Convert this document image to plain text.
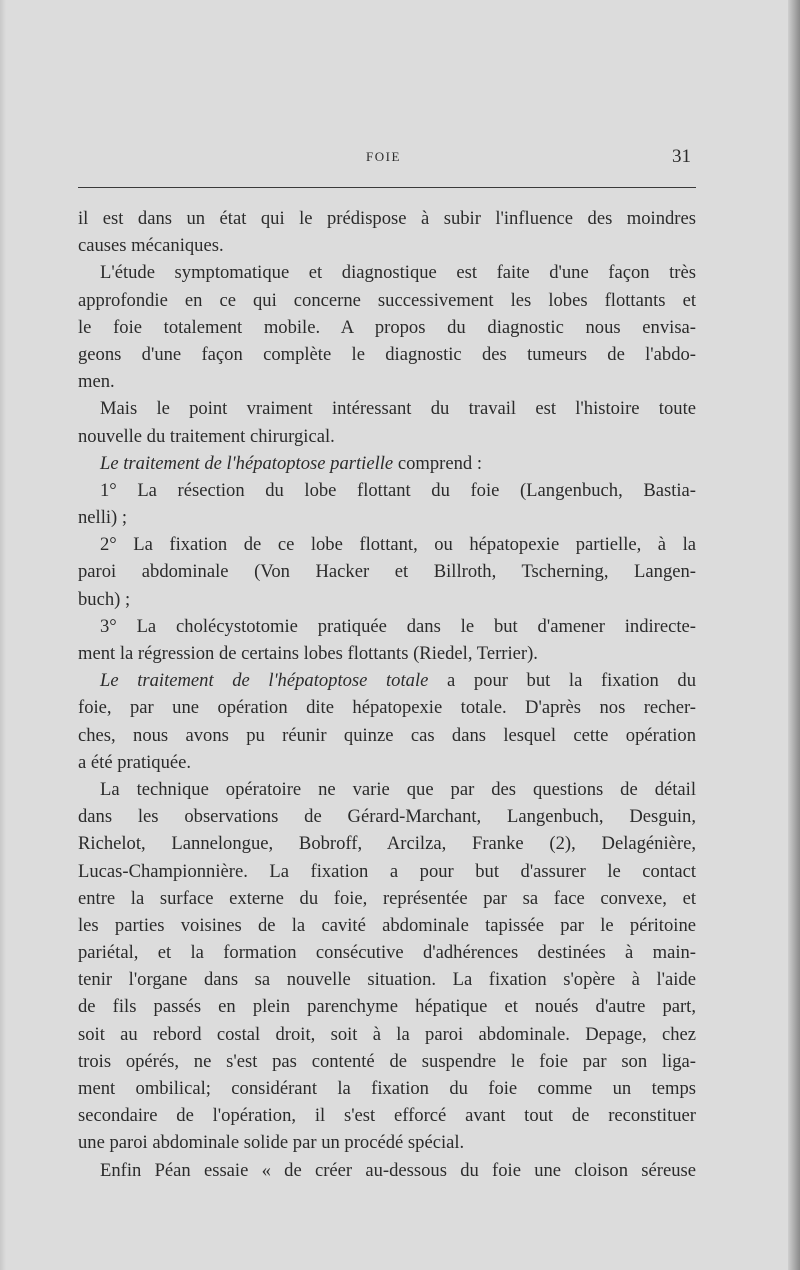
FOIE	31
il est dans un état qui le prédispose à subir l'influence des moindres
causes mécaniques.
L'étude symptomatique et diagnostique est faite d'une façon très
approfondie en ce qui concerne successivement les lobes flottants et
le foie totalement mobile. A propos du diagnostic nous envisa-
geons d'une façon complète le diagnostic des tumeurs de l'abdo-
men.
Mais le point vraiment intéressant du travail est l'histoire toute
nouvelle du traitement chirurgical.
Le traitement de l'hépatoptose partielle comprend :
1° La résection du lobe flottant du foie (Langenbuch, Bastia-
nelli) ;
2° La fixation de ce lobe flottant, ou hépatopexie partielle, à la
paroi abdominale (Von Hacker et Billroth, Tscherning, Langen-
buch) ;
3° La cholécystotomie pratiquée dans le but d'amener indirecte-
ment la régression de certains lobes flottants (Riedel, Terrier).
Le traitement de l'hépatoptose totale a pour but la fixation du
foie, par une opération dite hépatopexie totale. D'après nos recher-
ches, nous avons pu réunir quinze cas dans lesquel cette opération
a été pratiquée.
La technique opératoire ne varie que par des questions de détail
dans les observations de Gérard-Marchant, Langenbuch, Desguin,
Richelot, Lannelongue, Bobroff, Arcilza, Franke (2), Delagénière,
Lucas-Championnière. La fixation a pour but d'assurer le contact
entre la surface externe du foie, représentée par sa face convexe, et
les parties voisines de la cavité abdominale tapissée par le péritoine
pariétal, et la formation consécutive d'adhérences destinées à main-
tenir l'organe dans sa nouvelle situation. La fixation s'opère à l'aide
de fils passés en plein parenchyme hépatique et noués d'autre part,
soit au rebord costal droit, soit à la paroi abdominale. Depage, chez
trois opérés, ne s'est pas contenté de suspendre le foie par son liga-
ment ombilical; considérant la fixation du foie comme un temps
secondaire de l'opération, il s'est efforcé avant tout de reconstituer
une paroi abdominale solide par un procédé spécial.
Enfin Péan essaie « de créer au-dessous du foie une cloison séreuse
